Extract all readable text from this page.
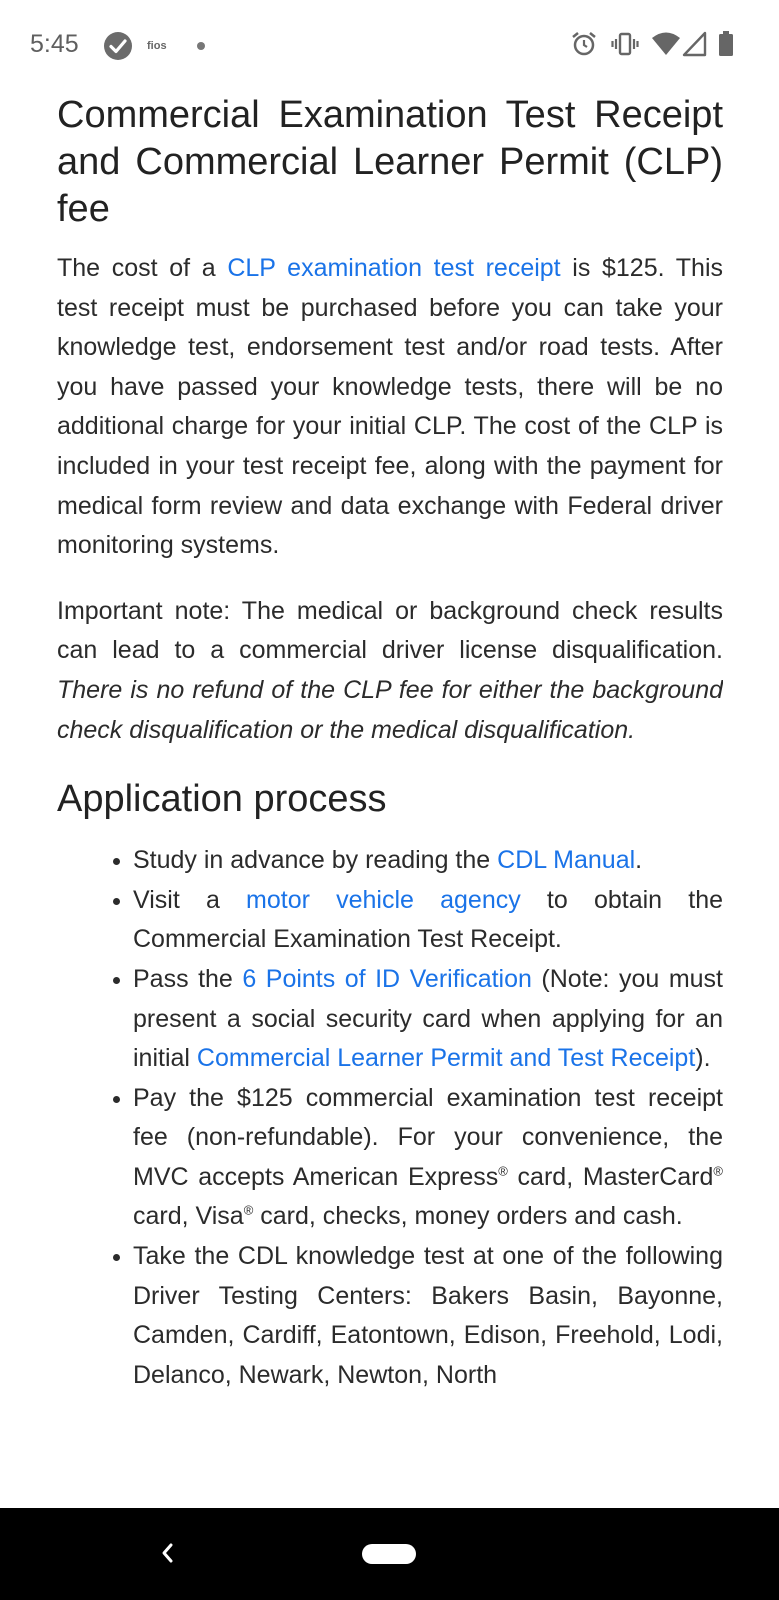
5:45	fios
Commercial Examination Test Receipt and Commercial Learner Permit (CLP) fee

The cost of a CLP examination test receipt is $125. This test receipt must be purchased before you can take your knowledge test, endorsement test and/or road tests. After you have passed your knowledge tests, there will be no additional charge for your initial CLP. The cost of the CLP is included in your test receipt fee, along with the payment for medical form review and data exchange with Federal driver monitoring systems.

Important note: The medical or background check results can lead to a commercial driver license disqualification. There is no refund of the CLP fee for either the background check disqualification or the medical disqualification.

Application process
Study in advance by reading the CDL Manual.
Visit a motor vehicle agency to obtain the Commercial Examination Test Receipt.
Pass the 6 Points of ID Verification (Note: you must present a social security card when applying for an initial Commercial Learner Permit and Test Receipt).
Pay the $125 commercial examination test receipt fee (non-refundable). For your convenience, the MVC accepts American Express® card, MasterCard® card, Visa® card, checks, money orders and cash.
Take the CDL knowledge test at one of the following Driver Testing Centers: Bakers Basin, Bayonne, Camden, Cardiff, Eatontown, Edison, Freehold, Lodi, Delanco, Newark, Newton, North
